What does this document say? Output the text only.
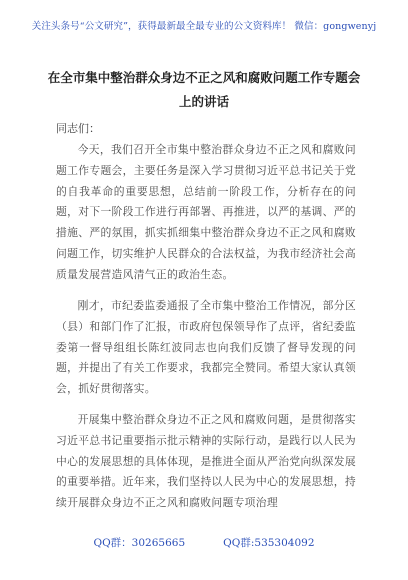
关注头条号“公文研究”，获得最新最全最专业的公文资料库！ 微信：gongwenyj
在全市集中整治群众身边不正之风和腐败问题工作专题会
上的讲话
同志们：
今天，我们召开全市集中整治群众身边不正之风和腐败问题工作专题会，主要任务是深入学习贯彻习近平总书记关于党的自我革命的重要思想，总结前一阶段工作，分析存在的问题，对下一阶段工作进行再部署、再推进，以严的基调、严的措施、严的氛围，抓实抓细集中整治群众身边不正之风和腐败问题工作，切实维护人民群众的合法权益，为我市经济社会高质量发展营造风清气正的政治生态。
刚才，市纪委监委通报了全市集中整治工作情况，部分区（县）和部门作了汇报，市政府包保领导作了点评，省纪委监委第一督导组组长陈红波同志也向我们反馈了督导发现的问题，并提出了有关工作要求，我都完全赞同。希望大家认真领会，抓好贯彻落实。
开展集中整治群众身边不正之风和腐败问题，是贯彻落实习近平总书记重要指示批示精神的实际行动，是践行以人民为中心的发展思想的具体体现，是推进全面从严治党向纵深发展的重要举措。近年来，我们坚持以人民为中心的发展思想，持续开展群众身边不正之风和腐败问题专项治理
QQ群：30265665	QQ群:535304092
